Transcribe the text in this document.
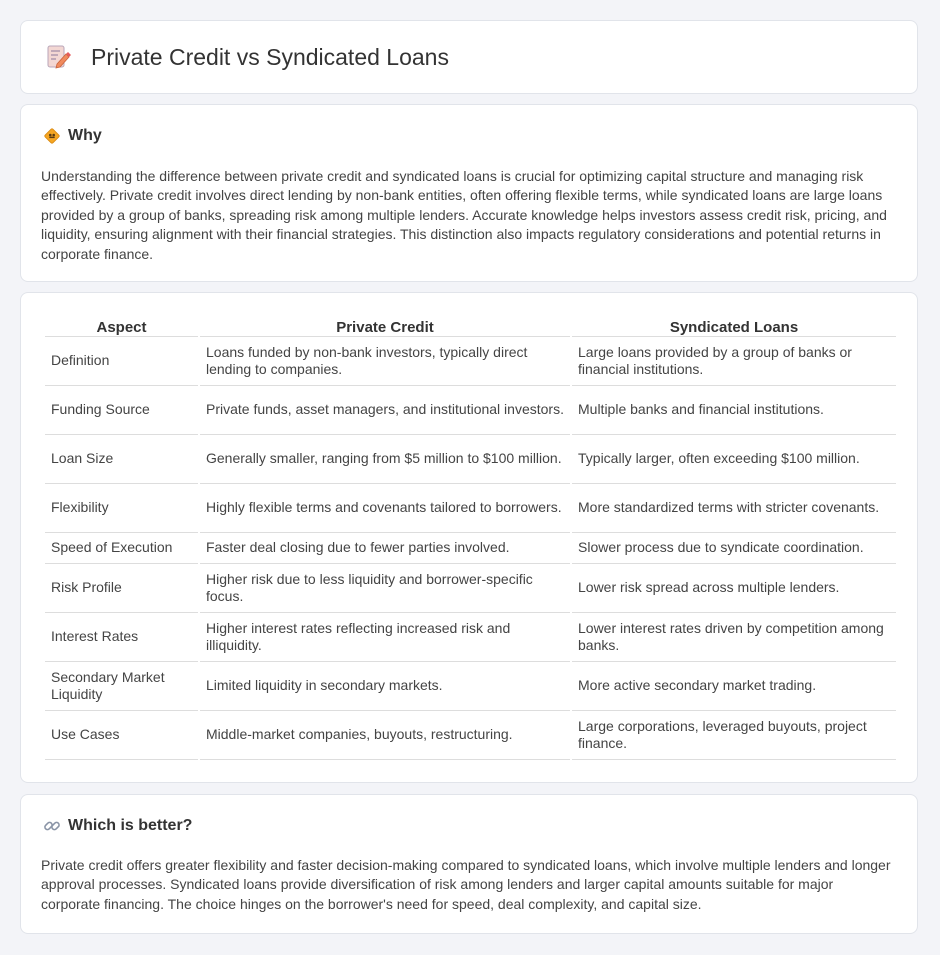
Private Credit vs Syndicated Loans
Why

Understanding the difference between private credit and syndicated loans is crucial for optimizing capital structure and managing risk effectively. Private credit involves direct lending by non-bank entities, often offering flexible terms, while syndicated loans are large loans provided by a group of banks, spreading risk among multiple lenders. Accurate knowledge helps investors assess credit risk, pricing, and liquidity, ensuring alignment with their financial strategies. This distinction also impacts regulatory considerations and potential returns in corporate finance.

Aspect	Private Credit	Syndicated Loans
Definition	Loans funded by non-bank investors, typically direct lending to companies.	Large loans provided by a group of banks or financial institutions.
Funding Source	Private funds, asset managers, and institutional investors.	Multiple banks and financial institutions.
Loan Size	Generally smaller, ranging from $5 million to $100 million.	Typically larger, often exceeding $100 million.
Flexibility	Highly flexible terms and covenants tailored to borrowers.	More standardized terms with stricter covenants.
Speed of Execution	Faster deal closing due to fewer parties involved.	Slower process due to syndicate coordination.
Risk Profile	Higher risk due to less liquidity and borrower-specific focus.	Lower risk spread across multiple lenders.
Interest Rates	Higher interest rates reflecting increased risk and illiquidity.	Lower interest rates driven by competition among banks.
Secondary Market Liquidity	Limited liquidity in secondary markets.	More active secondary market trading.
Use Cases	Middle-market companies, buyouts, restructuring.	Large corporations, leveraged buyouts, project finance.
Which is better?

Private credit offers greater flexibility and faster decision-making compared to syndicated loans, which involve multiple lenders and longer approval processes. Syndicated loans provide diversification of risk among lenders and larger capital amounts suitable for major corporate financing. The choice hinges on the borrower's need for speed, deal complexity, and capital size.
